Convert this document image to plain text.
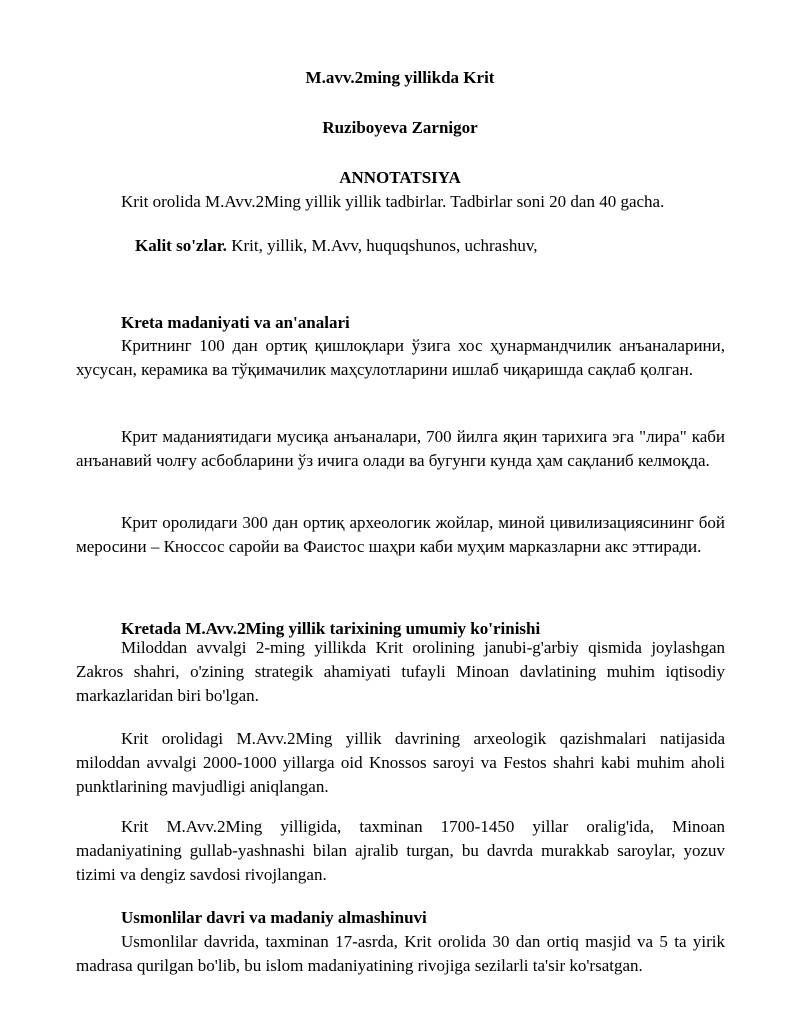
M.avv.2ming yillikda Krit
Ruziboyeva Zarnigor
ANNOTATSIYA

Krit orolida M.Avv.2Ming yillik yillik tadbirlar. Tadbirlar soni 20 dan 40 gacha.

Kalit so'zlar. Krit, yillik, M.Avv, huquqshunos, uchrashuv,
Kreta madaniyati va an'analari

Критнинг 100 дан ортиқ қишлоқлари ўзига хос ҳунармандчилик анъаналарини, хусусан, керамика ва тўқимачилик маҳсулотларини ишлаб чиқаришда сақлаб қолган.

Крит маданиятидаги мусиқа анъаналари, 700 йилга яқин тарихига эга "лира" каби анъанавий чолғу асбобларини ўз ичига олади ва бугунги кунда ҳам сақланиб келмоқда.

Крит оролидаги 300 дан ортиқ археологик жойлар, миной цивилизациясининг бой меросини – Кноссос саройи ва Фаистос шаҳри каби муҳим марказларни акс эттиради.

Kretada M.Avv.2Ming yillik tarixining umumiy ko'rinishi

Miloddan avvalgi 2-ming yillikda Krit orolining janubi-g'arbiy qismida joylashgan Zakros shahri, o'zining strategik ahamiyati tufayli Minoan davlatining muhim iqtisodiy markazlaridan biri bo'lgan.

Krit orolidagi M.Avv.2Ming yillik davrining arxeologik qazishmalari natijasida miloddan avvalgi 2000-1000 yillarga oid Knossos saroyi va Festos shahri kabi muhim aholi punktlarining mavjudligi aniqlangan.

Krit M.Avv.2Ming yilligida, taxminan 1700-1450 yillar oralig'ida, Minoan madaniyatining gullab-yashnashi bilan ajralib turgan, bu davrda murakkab saroylar, yozuv tizimi va dengiz savdosi rivojlangan.

Usmonlilar davri va madaniy almashinuvi

Usmonlilar davrida, taxminan 17-asrda, Krit orolida 30 dan ortiq masjid va 5 ta yirik madrasa qurilgan bo'lib, bu islom madaniyatining rivojiga sezilarli ta'sir ko'rsatgan.
